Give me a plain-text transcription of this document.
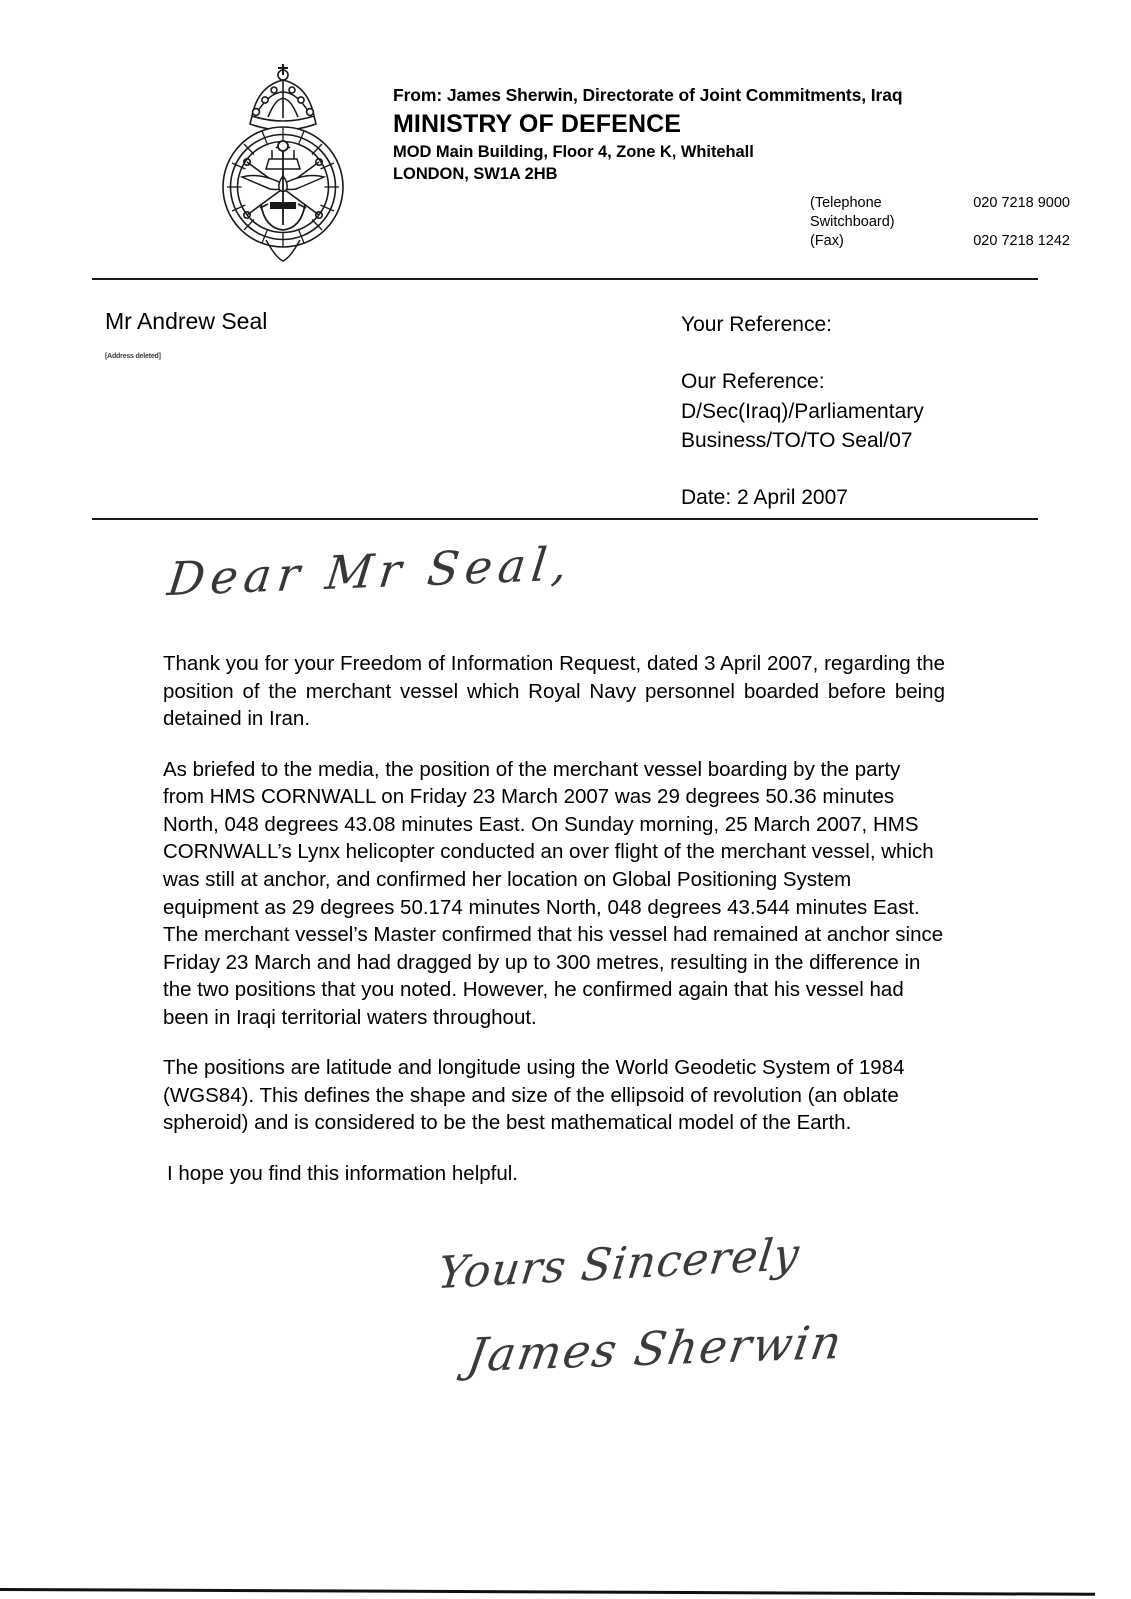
From: James Sherwin, Directorate of Joint Commitments, Iraq
MINISTRY OF DEFENCE
MOD Main Building, Floor 4, Zone K, Whitehall
LONDON, SW1A 2HB
(Telephone	020 7218 9000
Switchboard)
(Fax)	020 7218 1242
Mr Andrew Seal
[Address deleted]
Your Reference:
Our Reference:
D/Sec(Iraq)/Parliamentary
Business/TO/TO Seal/07
Date: 2 April 2007
Dear Mr Seal,

Thank you for your Freedom of Information Request, dated 3 April 2007, regarding the position of the merchant vessel which Royal Navy personnel boarded before being detained in Iran.

As briefed to the media, the position of the merchant vessel boarding by the party from HMS CORNWALL on Friday 23 March 2007 was 29 degrees 50.36 minutes North, 048 degrees 43.08 minutes East. On Sunday morning, 25 March 2007, HMS CORNWALL’s Lynx helicopter conducted an over flight of the merchant vessel, which was still at anchor, and confirmed her location on Global Positioning System equipment as 29 degrees 50.174 minutes North, 048 degrees 43.544 minutes East. The merchant vessel’s Master confirmed that his vessel had remained at anchor since Friday 23 March and had dragged by up to 300 metres, resulting in the difference in the two positions that you noted. However, he confirmed again that his vessel had been in Iraqi territorial waters throughout.

The positions are latitude and longitude using the World Geodetic System of 1984 (WGS84). This defines the shape and size of the ellipsoid of revolution (an oblate spheroid) and is considered to be the best mathematical model of the Earth.

I hope you find this information helpful.

Yours Sincerely
James Sherwin
